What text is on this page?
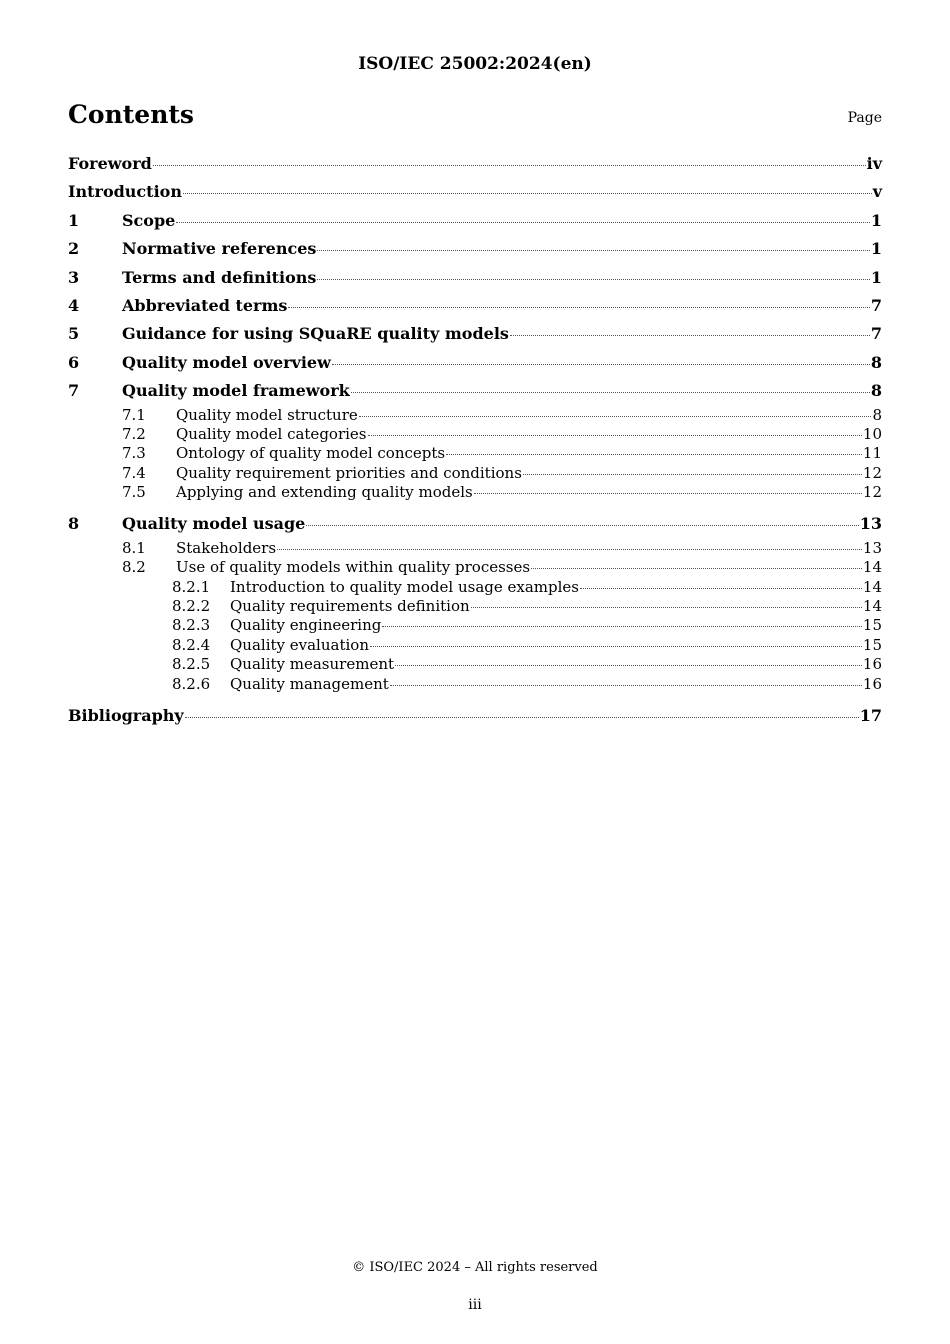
ISO/IEC 25002:2024(en)
Contents	Page
Foreword	iv
Introduction	v
1	Scope	1
2	Normative references	1
3	Terms and definitions	1
4	Abbreviated terms	7
5	Guidance for using SQuaRE quality models	7
6	Quality model overview	8
7	Quality model framework	8
7.1	Quality model structure	8
7.2	Quality model categories	10
7.3	Ontology of quality model concepts	11
7.4	Quality requirement priorities and conditions	12
7.5	Applying and extending quality models	12
8	Quality model usage	13
8.1	Stakeholders	13
8.2	Use of quality models within quality processes	14
8.2.1	Introduction to quality model usage examples	14
8.2.2	Quality requirements definition	14
8.2.3	Quality engineering	15
8.2.4	Quality evaluation	15
8.2.5	Quality measurement	16
8.2.6	Quality management	16
Bibliography	17
© ISO/IEC 2024 – All rights reserved
iii
